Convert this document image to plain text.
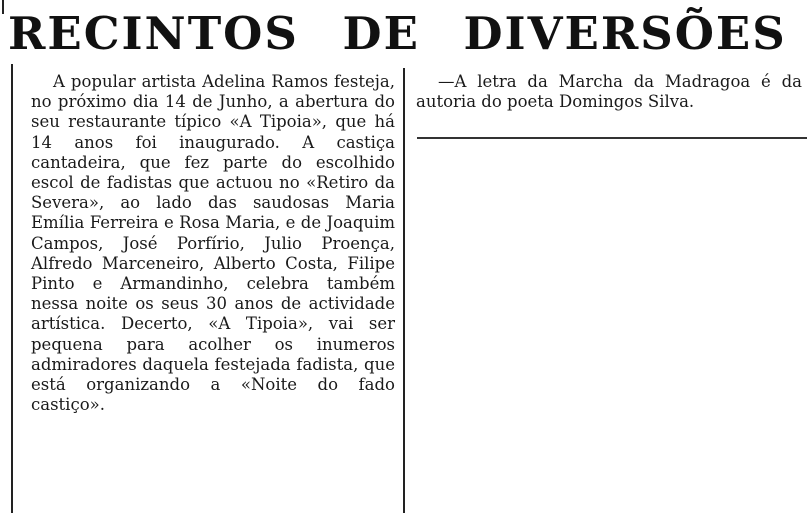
RECINTOS DE DIVERSÕES
A popular artista Adelina Ramos festeja, no próximo dia 14 de Junho, a abertura do seu restaurante típico «A Tipoia», que há 14 anos foi inaugurado. A castiça cantadeira, que fez parte do escolhido escol de fadistas que actuou no «Retiro da Severa», ao lado das saudosas Maria Emília Ferreira e Rosa Maria, e de Joaquim Campos, José Porfírio, Julio Proença, Alfredo Marceneiro, Alberto Costa, Filipe Pinto e Armandinho, celebra também nessa noite os seus 30 anos de actividade artística. Decerto, «A Tipoia», vai ser pequena para acolher os inumeros admiradores daquela festejada fadista, que está organizando a «Noite do fado castiço».
—A letra da Marcha da Madragoa é da autoria do poeta Domingos Silva.
